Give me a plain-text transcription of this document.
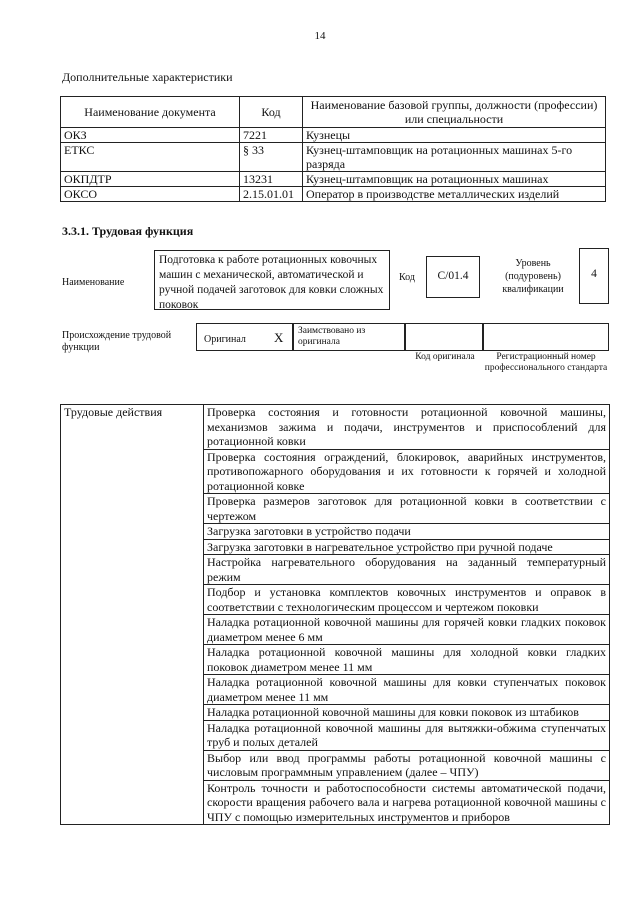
14
Дополнительные характеристики
Наименование документа	Код	Наименование базовой группы, должности (профессии) или специальности
ОКЗ	7221	Кузнецы
ЕТКС	§ 33	Кузнец-штамповщик на ротационных машинах 5-го разряда
ОКПДТР	13231	Кузнец-штамповщик на ротационных машинах
ОКСО	2.15.01.01	Оператор в производстве металлических изделий
3.3.1. Трудовая функция
Наименование
Подготовка к работе ротационных ковочных машин с механической, автоматической и ручной подачей заготовок для ковки сложных поковок
Код	С/01.4
Уровень (подуровень) квалификации
4
Происхождение трудовой функции
Оригинал X	Заимствовано из оригинала
Код оригинала	Регистрационный номер профессионального стандарта
Трудовые действия	Проверка состояния и готовности ротационной ковочной машины, механизмов зажима и подачи, инструментов и приспособлений для ротационной ковки
Проверка состояния ограждений, блокировок, аварийных инструментов, противопожарного оборудования и их готовности к горячей и холодной ротационной ковке
Проверка размеров заготовок для ротационной ковки в соответствии с чертежом
Загрузка заготовки в устройство подачи
Загрузка заготовки в нагревательное устройство при ручной подаче
Настройка нагревательного оборудования на заданный температурный режим
Подбор и установка комплектов ковочных инструментов и оправок в соответствии с технологическим процессом и чертежом поковки
Наладка ротационной ковочной машины для горячей ковки гладких поковок диаметром менее 6 мм
Наладка ротационной ковочной машины для холодной ковки гладких поковок диаметром менее 11 мм
Наладка ротационной ковочной машины для ковки ступенчатых поковок диаметром менее 11 мм
Наладка ротационной ковочной машины для ковки поковок из штабиков
Наладка ротационной ковочной машины для вытяжки-обжима ступенчатых труб и полых деталей
Выбор или ввод программы работы ротационной ковочной машины с числовым программным управлением (далее – ЧПУ)
Контроль точности и работоспособности системы автоматической подачи, скорости вращения рабочего вала и нагрева ротационной ковочной машины с ЧПУ с помощью измерительных инструментов и приборов
